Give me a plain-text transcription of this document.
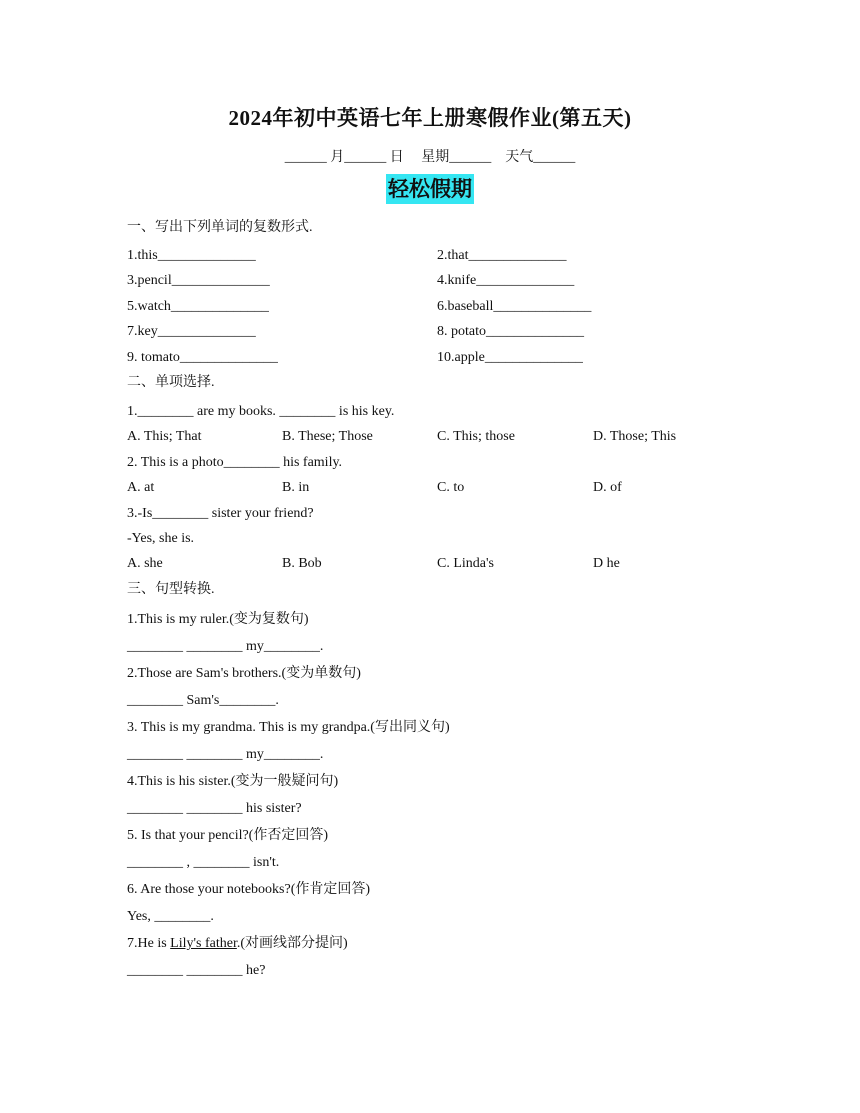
2024年初中英语七年上册寒假作业(第五天)
______ 月______ 日     星期______    天气______
轻松假期
一、写出下列单词的复数形式.
1.this______________	2.that______________
3.pencil______________	4.knife______________
5.watch______________	6.baseball______________
7.key______________	8. potato______________
9. tomato______________	10.apple______________
二、单项选择.
1.________ are my books. ________ is his key.
A. This; That	B. These; Those	C. This; those	D. Those; This
2. This is a photo________ his family.
A. at	B. in	C. to	D. of
3.-Is________ sister your friend?
-Yes, she is.
A. she	B. Bob	C. Linda's	D he
三、句型转换.
1.This is my ruler.(变为复数句)
________ ________ my________.
2.Those are Sam's brothers.(变为单数句)
________ Sam's________.
3. This is my grandma. This is my grandpa.(写出同义句)
________ ________ my________.
4.This is his sister.(变为一般疑问句)
________ ________ his sister?
5. Is that your pencil?(作否定回答)
________ , ________ isn't.
6. Are those your notebooks?(作肯定回答)
Yes, ________.
7.He is Lily's father.(对画线部分提问)
________ ________ he?
